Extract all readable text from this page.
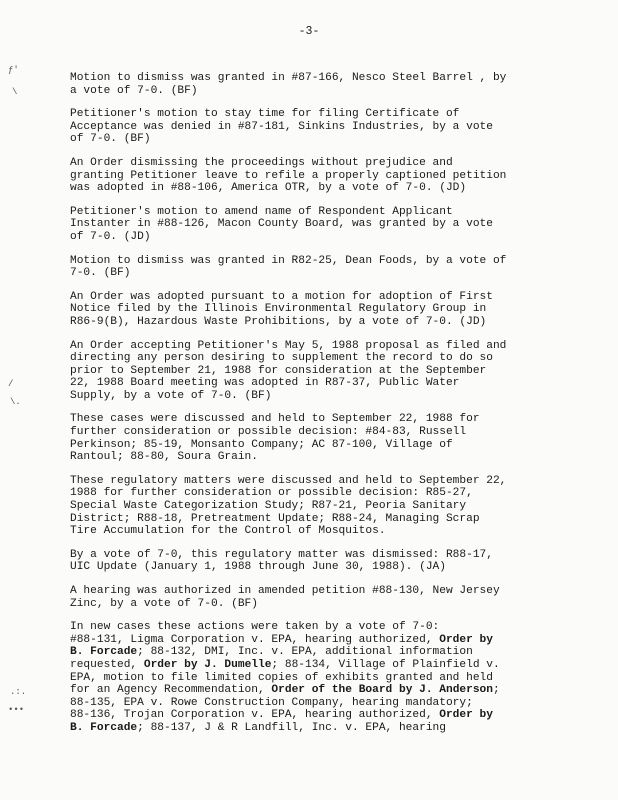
-3-
ƒ'
\
/
\.
.:.
•••

Motion to dismiss was granted in #87-166, Nesco Steel Barrel , by
a vote of 7-0. (BF)

Petitioner's motion to stay time for filing Certificate of
Acceptance was denied in #87-181, Sinkins Industries, by a vote
of 7-0. (BF)

An Order dismissing the proceedings without prejudice and
granting Petitioner leave to refile a properly captioned petition
was adopted in #88-106, America OTR, by a vote of 7-0. (JD)

Petitioner's motion to amend name of Respondent Applicant
Instanter in #88-126, Macon County Board, was granted by a vote
of 7-0. (JD)

Motion to dismiss was granted in R82-25, Dean Foods, by a vote of
7-0. (BF)

An Order was adopted pursuant to a motion for adoption of First
Notice filed by the Illinois Environmental Regulatory Group in
R86-9(B), Hazardous Waste Prohibitions, by a vote of 7-0. (JD)

An Order accepting Petitioner's May 5, 1988 proposal as filed and
directing any person desiring to supplement the record to do so
prior to September 21, 1988 for consideration at the September
22, 1988 Board meeting was adopted in R87-37, Public Water
Supply, by a vote of 7-0. (BF)

These cases were discussed and held to September 22, 1988 for
further consideration or possible decision: #84-83, Russell
Perkinson; 85-19, Monsanto Company; AC 87-100, Village of
Rantoul; 88-80, Soura Grain.

These regulatory matters were discussed and held to September 22,
1988 for further consideration or possible decision: R85-27,
Special Waste Categorization Study; R87-21, Peoria Sanitary
District; R88-18, Pretreatment Update; R88-24, Managing Scrap
Tire Accumulation for the Control of Mosquitos.

By a vote of 7-0, this regulatory matter was dismissed: R88-17,
UIC Update (January 1, 1988 through June 30, 1988). (JA)

A hearing was authorized in amended petition #88-130, New Jersey
Zinc, by a vote of 7-0. (BF)

In new cases these actions were taken by a vote of 7-0:
#88-131, Ligma Corporation v. EPA, hearing authorized, Order by
B. Forcade; 88-132, DMI, Inc. v. EPA, additional information
requested, Order by J. Dumelle; 88-134, Village of Plainfield v.
EPA, motion to file limited copies of exhibits granted and held
for an Agency Recommendation, Order of the Board by J. Anderson;
88-135, EPA v. Rowe Construction Company, hearing mandatory;
88-136, Trojan Corporation v. EPA, hearing authorized, Order by
B. Forcade; 88-137, J & R Landfill, Inc. v. EPA, hearing
